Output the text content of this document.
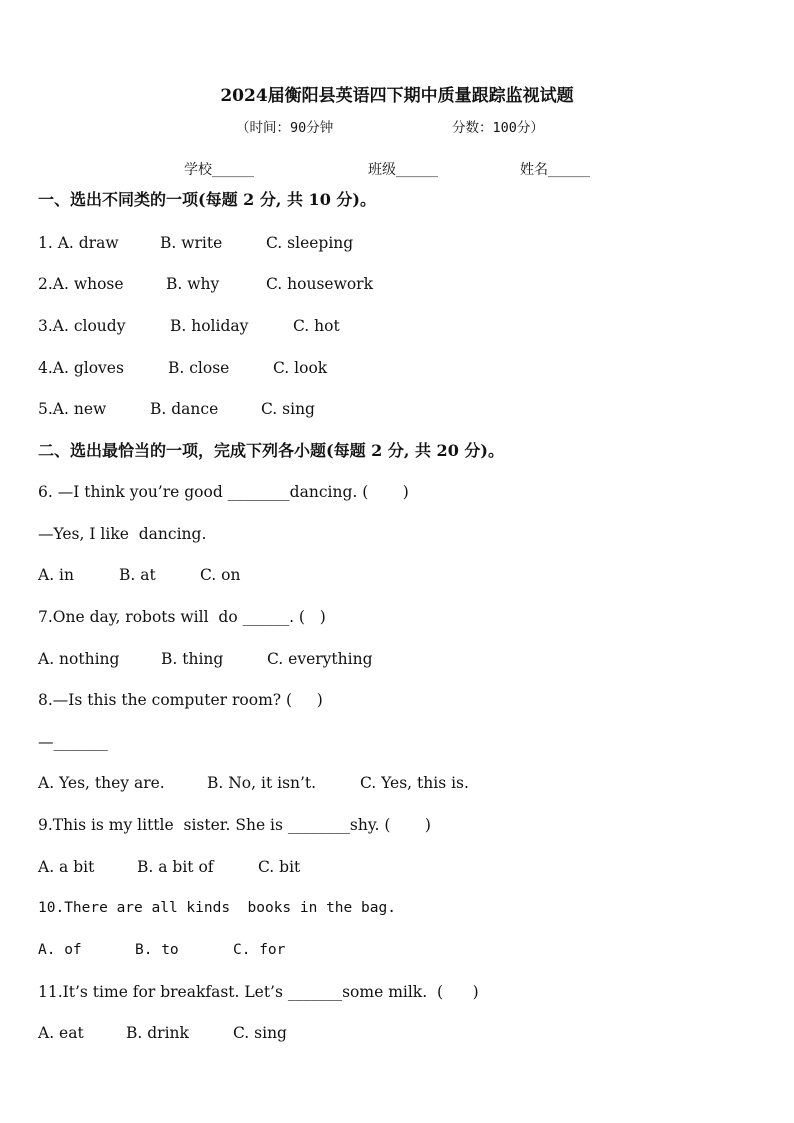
2024届衡阳县英语四下期中质量跟踪监视试题
（时间：90分钟	分数：100分）
学校______	班级______	姓名______
一、选出不同类的一项(每题 2 分, 共 10 分)。
1. A. draw	B. write	C. sleeping
2.A. whose	B. why	C. housework
3.A. cloudy	B. holiday	C. hot
4.A. gloves	B. close	C. look
5.A. new	B. dance	C. sing
二、选出最恰当的一项，完成下列各小题(每题 2 分, 共 20 分)。
6. —I think you’re good ________dancing. (       )
—Yes, I like  dancing.
A. in	B. at	C. on
7.One day, robots will  do ______. (   )
A. nothing	B. thing	C. everything
8.—Is this the computer room? (     )
—_______
A. Yes, they are.	B. No, it isn’t.	C. Yes, this is.
9.This is my little  sister. She is ________shy. (       )
A. a bit	B. a bit of	C. bit
10.There are all kinds  books in the bag.
A. of	B. to	C. for
11.It’s time for breakfast. Let’s _______some milk.  (      )
A. eat	B. drink	C. sing
